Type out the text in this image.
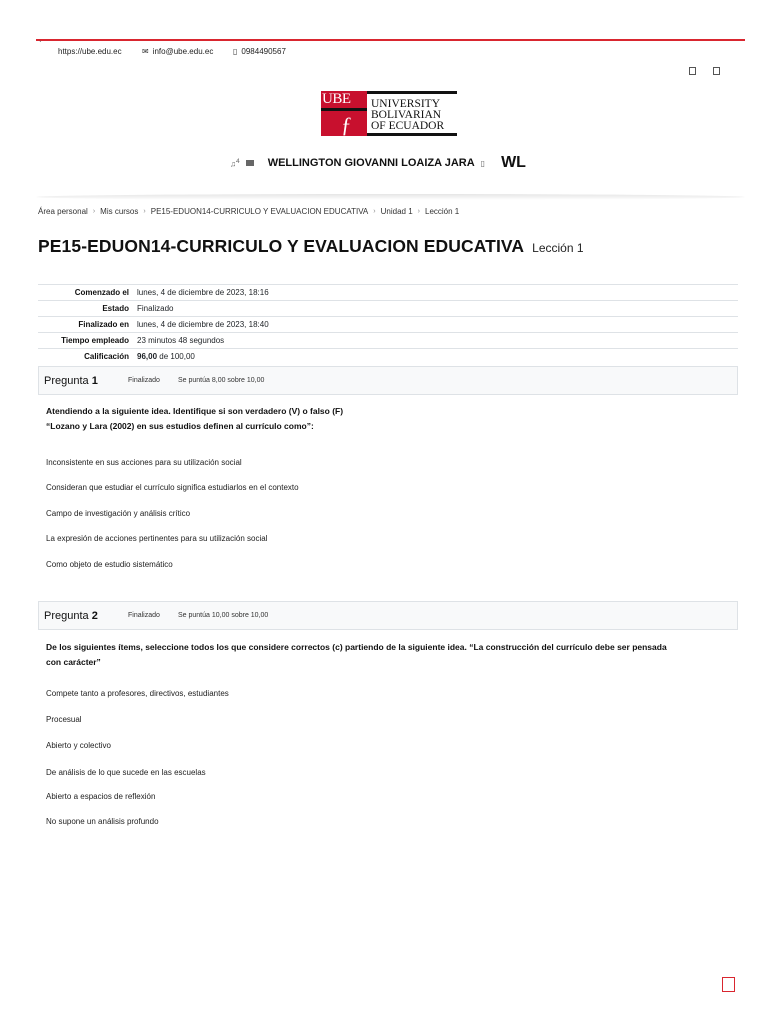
`
https://ube.edu.ec	✉ info@ube.edu.ec ▯ 0984490567
UBE
ƒ
UNIVERSITY
BOLIVARIAN
OF ECUADOR
♫$^4$	WELLINGTON GIOVANNI LOAIZA JARA ▯ WL
Área personal › Mis cursos › PE15-EDUON14-CURRICULO Y EVALUACION EDUCATIVA › Unidad 1 › Lección 1
PE15-EDUON14-CURRICULO Y EVALUACION EDUCATIVA Lección 1
Comenzado el	lunes, 4 de diciembre de 2023, 18:16
Estado	Finalizado
Finalizado en	lunes, 4 de diciembre de 2023, 18:40
Tiempo empleado	23 minutos 48 segundos
Calificación	96,00 de 100,00
Pregunta 1	Finalizado	Se puntúa 8,00 sobre 10,00
Atendiendo a la siguiente idea. Identifique si son verdadero (V) o falso (F)
“Lozano y Lara (2002) en sus estudios definen al currículo como”:
Inconsistente en sus acciones para su utilización social
Consideran que estudiar el currículo significa estudiarlos en el contexto
Campo de investigación y análisis crítico
La expresión de acciones pertinentes para su utilización social
Como objeto de estudio sistemático
Pregunta 2	Finalizado	Se puntúa 10,00 sobre 10,00
De los siguientes ítems, seleccione todos los que considere correctos (c) partiendo de la siguiente idea. “La construcción del currículo debe ser pensada
con carácter”
Compete tanto a profesores, directivos, estudiantes
Procesual
Abierto y colectivo
De análisis de lo que sucede en las escuelas
Abierto a espacios de reflexión
No supone un análisis profundo
